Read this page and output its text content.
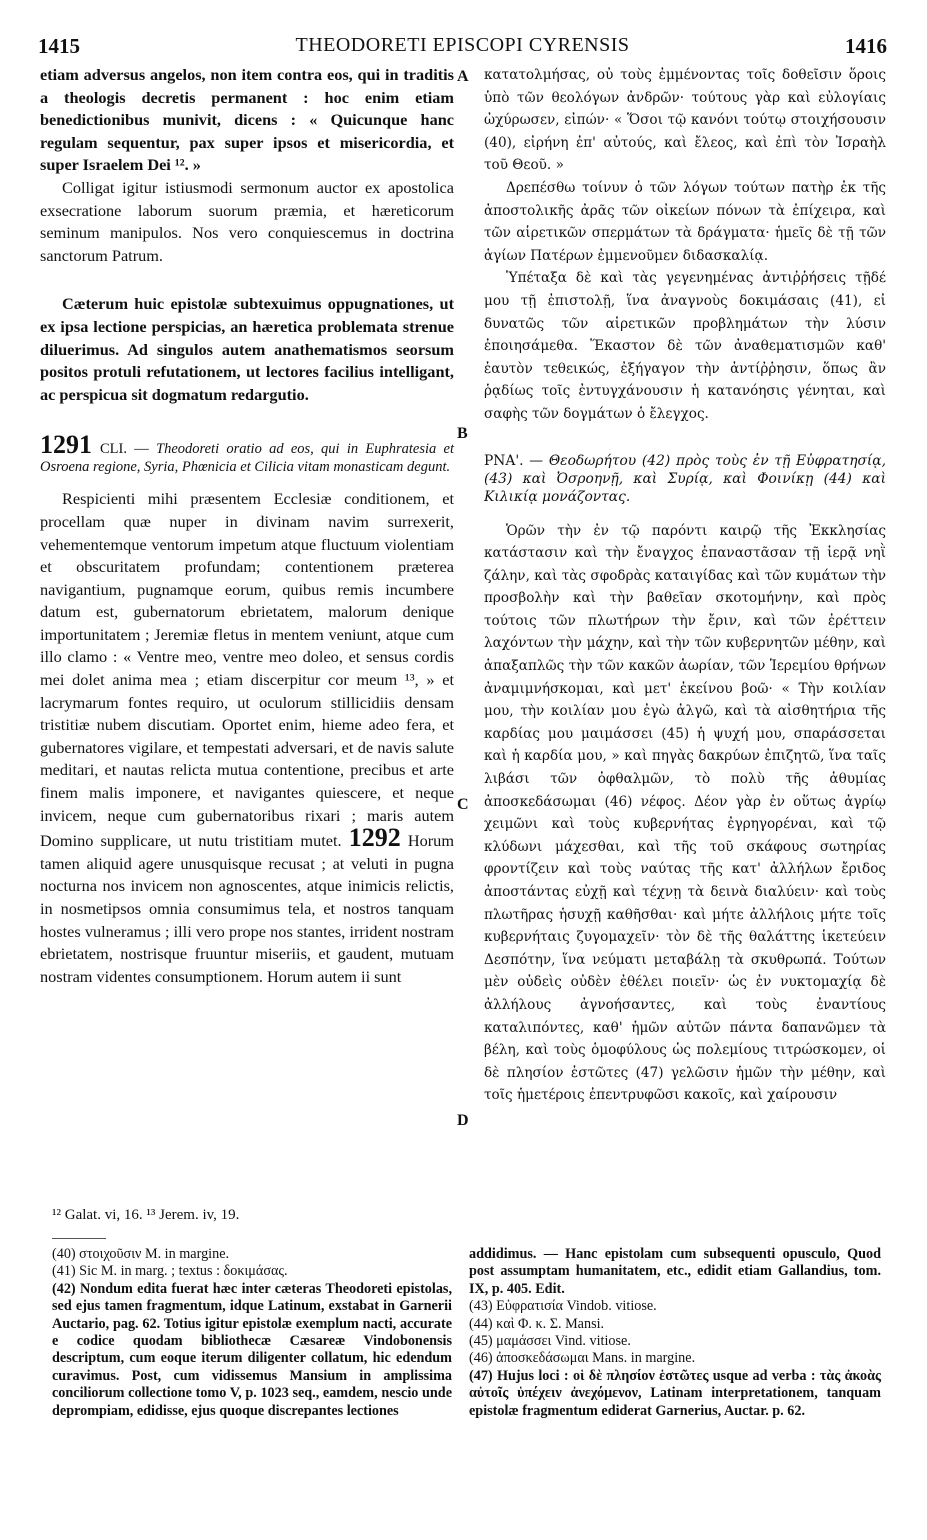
1415	THEODORETI EPISCOPI CYRENSIS	1416
A
B
C
D

etiam adversus angelos, non item contra eos, qui in traditis a theologis decretis permanent : hoc enim etiam benedictionibus munivit, dicens : « Quicunque hanc regulam sequentur, pax super ipsos et misericordia, et super Israelem Dei ¹². »

Colligat igitur istiusmodi sermonum auctor ex apostolica exsecratione laborum suorum præmia, et hæreticorum seminum manipulos. Nos vero conquiescemus in doctrina sanctorum Patrum.

Cæterum huic epistolæ subtexuimus oppugnationes, ut ex ipsa lectione perspicias, an hæretica problemata strenue diluerimus. Ad singulos autem anathematismos seorsum positos protuli refutationem, ut lectores facilius intelligant, ac perspicua sit dogmatum redargutio.

1291 CLI. — Theodoreti oratio ad eos, qui in Euphratesia et Osroena regione, Syria, Phœnicia et Cilicia vitam monasticam degunt.

Respicienti mihi præsentem Ecclesiæ conditionem, et procellam quæ nuper in divinam navim surrexerit, vehementemque ventorum impetum atque fluctuum violentiam et obscuritatem profundam; contentionem præterea navigantium, pugnamque eorum, quibus remis incumbere datum est, gubernatorum ebrietatem, malorum denique importunitatem ; Jeremiæ fletus in mentem veniunt, atque cum illo clamo : « Ventre meo, ventre meo doleo, et sensus cordis mei dolet anima mea ; etiam discerpitur cor meum ¹³, » et lacrymarum fontes requiro, ut oculorum stillicidiis densam tristitiæ nubem discutiam. Oportet enim, hieme adeo fera, et gubernatores vigilare, et tempestati adversari, et de navis salute meditari, et nautas relicta mutua contentione, precibus et arte finem malis imponere, et navigantes quiescere, et neque invicem, neque cum gubernatoribus rixari ; maris autem Domino supplicare, ut nutu tristitiam mutet. 1292 Horum tamen aliquid agere unusquisque recusat ; at veluti in pugna nocturna nos invicem non agnoscentes, atque inimicis relictis, in nosmetipsos omnia consumimus tela, et nostros tanquam hostes vulneramus ; illi vero prope nos stantes, irrident nostram ebrietatem, nostrisque fruuntur miseriis, et gaudent, mutuam nostram videntes consumptionem. Horum autem ii sunt

κατατολμήσας, οὐ τοὺς ἐμμένοντας τοῖς δοθεῖσιν ὅροις ὑπὸ τῶν θεολόγων ἀνδρῶν· τούτους γὰρ καὶ εὐλογίαις ὠχύρωσεν, εἰπών· « Ὅσοι τῷ κανόνι τούτῳ στοιχήσουσιν (40), εἰρήνη ἐπ' αὐτούς, καὶ ἔλεος, καὶ ἐπὶ τὸν Ἰσραὴλ τοῦ Θεοῦ. »

Δρεπέσθω τοίνυν ὁ τῶν λόγων τούτων πατὴρ ἐκ τῆς ἀποστολικῆς ἀρᾶς τῶν οἰκείων πόνων τὰ ἐπίχειρα, καὶ τῶν αἱρετικῶν σπερμάτων τὰ δράγματα· ἡμεῖς δὲ τῇ τῶν ἁγίων Πατέρων ἐμμενοῦμεν διδασκαλίᾳ.

Ὑπέταξα δὲ καὶ τὰς γεγενημένας ἀντιῤῥήσεις τῇδέ μου τῇ ἐπιστολῇ, ἵνα ἀναγνοὺς δοκιμάσαις (41), εἰ δυνατῶς τῶν αἱρετικῶν προβλημάτων τὴν λύσιν ἐποιησάμεθα. Ἕκαστον δὲ τῶν ἀναθεματισμῶν καθ' ἑαυτὸν τεθεικώς, ἐξήγαγον τὴν ἀντίῤῥησιν, ὅπως ἂν ῥᾳδίως τοῖς ἐντυγχάνουσιν ἡ κατανόησις γένηται, καὶ σαφὴς τῶν δογμάτων ὁ ἔλεγχος.

ΡΝΑ'. — Θεοδωρήτου (42) πρὸς τοὺς ἐν τῇ Εὐφρατησίᾳ,(43) καὶ Ὀσροηνῇ, καὶ Συρίᾳ, καὶ Φοινίκῃ (44) καὶ Κιλικίᾳ μονάζοντας.

Ὁρῶν τὴν ἐν τῷ παρόντι καιρῷ τῆς Ἐκκλησίας κατάστασιν καὶ τὴν ἔναγχος ἐπαναστᾶσαν τῇ ἱερᾷ νηῒ ζάλην, καὶ τὰς σφοδρὰς καταιγίδας καὶ τῶν κυμάτων τὴν προσβολὴν καὶ τὴν βαθεῖαν σκοτομήνην, καὶ πρὸς τούτοις τῶν πλωτήρων τὴν ἔριν, καὶ τῶν ἐρέττειν λαχόντων τὴν μάχην, καὶ τὴν τῶν κυβερνητῶν μέθην, καὶ ἁπαξαπλῶς τὴν τῶν κακῶν ἀωρίαν, τῶν Ἱερεμίου θρήνων ἀναμιμνήσκομαι, καὶ μετ' ἐκείνου βοῶ· « Τὴν κοιλίαν μου, τὴν κοιλίαν μου ἐγὼ ἀλγῶ, καὶ τὰ αἰσθητήρια τῆς καρδίας μου μαιμάσσει (45) ἡ ψυχή μου, σπαράσσεται καὶ ἡ καρδία μου, » καὶ πηγὰς δακρύων ἐπιζητῶ, ἵνα ταῖς λιβάσι τῶν ὀφθαλμῶν, τὸ πολὺ τῆς ἀθυμίας ἀποσκεδάσωμαι (46) νέφος. Δέον γὰρ ἐν οὕτως ἀγρίῳ χειμῶνι καὶ τοὺς κυβερνήτας ἐγρηγορέναι, καὶ τῷ κλύδωνι μάχεσθαι, καὶ τῆς τοῦ σκάφους σωτηρίας φροντίζειν καὶ τοὺς ναύτας τῆς κατ' ἀλλήλων ἔριδος ἀποστάντας εὐχῇ καὶ τέχνῃ τὰ δεινὰ διαλύειν· καὶ τοὺς πλωτῆρας ἡσυχῇ καθῆσθαι· καὶ μήτε ἀλλήλοις μήτε τοῖς κυβερνήταις ζυγομαχεῖν· τὸν δὲ τῆς θαλάττης ἱκετεύειν Δεσπότην, ἵνα νεύματι μεταβάλῃ τὰ σκυθρωπά. Τούτων μὲν οὐδεὶς οὐδὲν ἐθέλει ποιεῖν· ὡς ἐν νυκτομαχίᾳ δὲ ἀλλήλους ἀγνοήσαντες, καὶ τοὺς ἐναντίους καταλιπόντες, καθ' ἡμῶν αὐτῶν πάντα δαπανῶμεν τὰ βέλη, καὶ τοὺς ὁμοφύλους ὡς πολεμίους τιτρώσκομεν, οἱ δὲ πλησίον ἑστῶτες (47) γελῶσιν ἡμῶν τὴν μέθην, καὶ τοῖς ἡμετέροις ἐπεντρυφῶσι κακοῖς, καὶ χαίρουσιν

¹² Galat. vi, 16. ¹³ Jerem. iv, 19.

(40) στοιχοῦσιν M. in margine.

(41) Sic M. in marg. ; textus : δοκιμάσας.

(42) Nondum edita fuerat hæc inter cæteras Theodoreti epistolas, sed ejus tamen fragmentum, idque Latinum, exstabat in Garnerii Auctario, pag. 62. Totius igitur epistolæ exemplum nacti, accurate e codice quodam bibliothecæ Cæsareæ Vindobonensis descriptum, cum eoque iterum diligenter collatum, hic edendum curavimus. Post, cum vidissemus Mansium in amplissima conciliorum collectione tomo V, p. 1023 seq., eamdem, nescio unde deprompiam, edidisse, ejus quoque discrepantes lectiones

addidimus. — Hanc epistolam cum subsequenti opusculo, Quod post assumptam humanitatem, etc., edidit etiam Gallandius, tom. IX, p. 405. Edit.

(43) Εὐφρατισία Vindob. vitiose.

(44) καὶ Φ. κ. Σ. Mansi.

(45) μαμάσσει Vind. vitiose.

(46) ἀποσκεδάσωμαι Mans. in margine.

(47) Hujus loci : οἱ δὲ πλησίον ἑστῶτες usque ad verba : τὰς ἀκοὰς αὐτοῖς ὑπέχειν ἀνεχόμενον, Latinam interpretationem, tanquam epistolæ fragmentum ediderat Garnerius, Auctar. p. 62.
